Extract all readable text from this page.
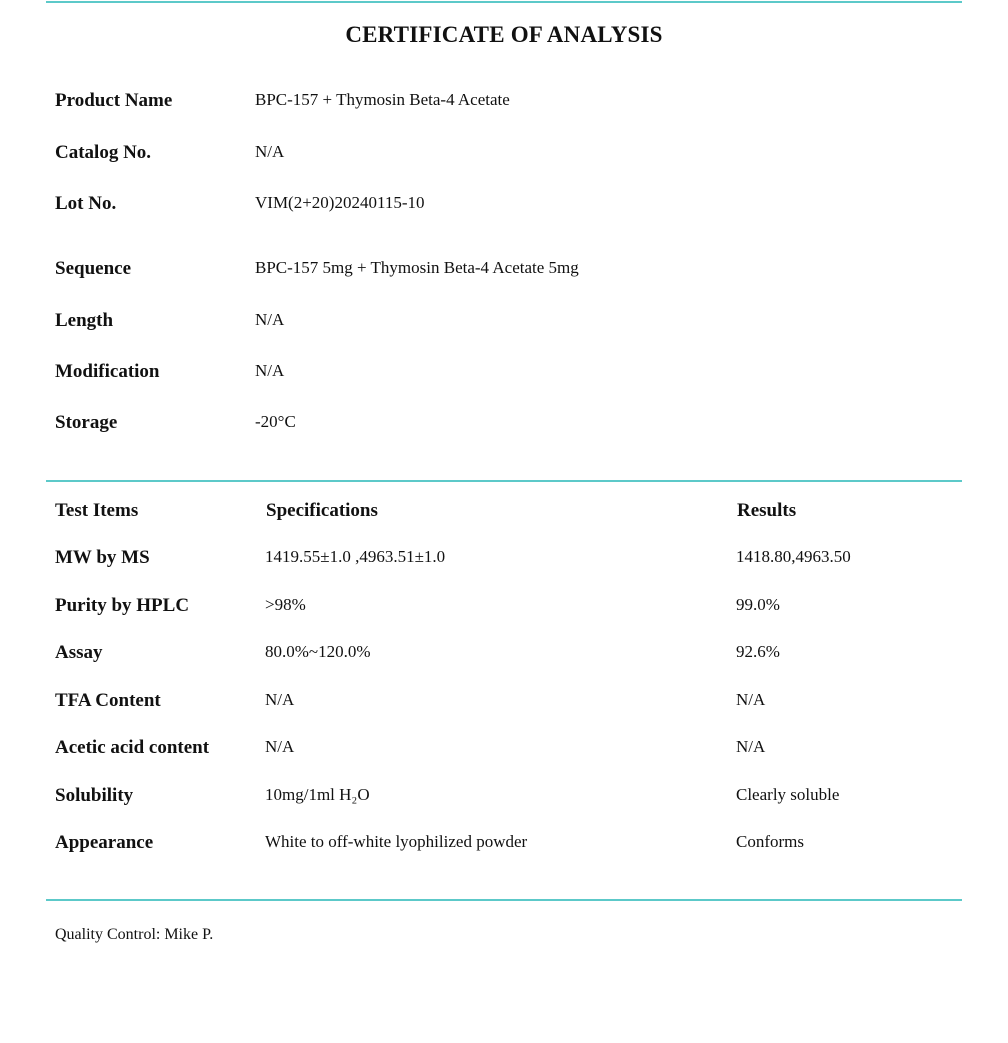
CERTIFICATE OF ANALYSIS
Product Name	BPC-157 + Thymosin Beta-4 Acetate
Catalog No.	N/A
Lot No.	VIM(2+20)20240115-10
Sequence	BPC-157 5mg + Thymosin Beta-4 Acetate 5mg
Length	N/A
Modification	N/A
Storage	-20°C
Test Items	Specifications	Results
MW by MS	1419.55±1.0 ,4963.51±1.0	1418.80,4963.50
Purity by HPLC	>98%	99.0%
Assay	80.0%~120.0%	92.6%
TFA Content	N/A	N/A
Acetic acid content	N/A	N/A
Solubility	10mg/1ml H₂O	Clearly soluble
Appearance	White to off-white lyophilized powder	Conforms
Quality Control: Mike P.
